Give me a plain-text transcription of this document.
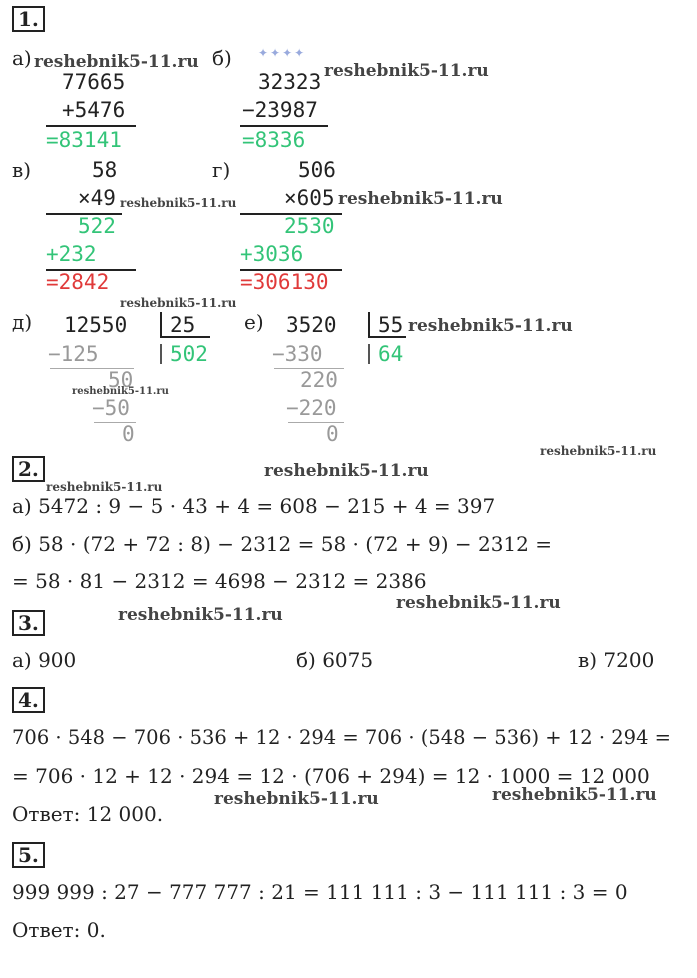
1.
а)
77665
+5476
=83141
б) ✦✦✦✦
32323
−23987
=8336
в)	58
×49
522
+232
=2842
г)	506
×605
2530
+3036
=306130
д) 12550 25
502
−125
50
−50
0
е) 3520 55
64
−330
220
−220
0
2.
а) 5472 : 9 − 5 · 43 + 4 = 608 − 215 + 4 = 397
б) 58 · (72 + 72 : 8) − 2312 = 58 · (72 + 9) − 2312 =
= 58 · 81 − 2312 = 4698 − 2312 = 2386
3.
а) 900	б) 6075	в) 7200
4.
706 · 548 − 706 · 536 + 12 · 294 = 706 · (548 − 536) + 12 · 294 =
= 706 · 12 + 12 · 294 = 12 · (706 + 294) = 12 · 1000 = 12 000
Ответ: 12 000.
5.
999 999 : 27 − 777 777 : 21 = 111 111 : 3 − 111 111 : 3 = 0
Ответ: 0.
reshebnik5-11.ru	reshebnik5-11.ru
reshebnik5-11.ru	reshebnik5-11.ru
reshebnik5-11.ru
reshebnik5-11.ru
reshebnik5-11.ru
reshebnik5-11.ru
reshebnik5-11.ru
reshebnik5-11.ru
reshebnik5-11.ru
reshebnik5-11.ru
reshebnik5-11.ru	reshebnik5-11.ru
